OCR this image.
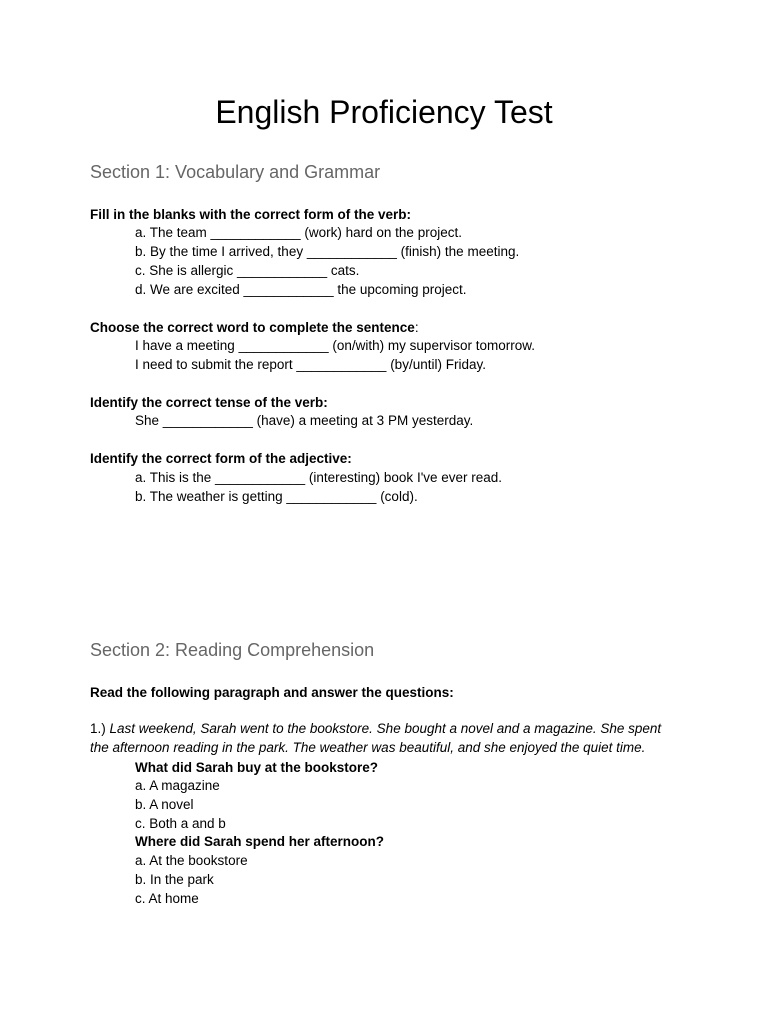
English Proficiency Test
Section 1: Vocabulary and Grammar
Fill in the blanks with the correct form of the verb:
a. The team ____________ (work) hard on the project.
b. By the time I arrived, they ____________ (finish) the meeting.
c. She is allergic ____________ cats.
d. We are excited ____________ the upcoming project.
Choose the correct word to complete the sentence:
I have a meeting ____________ (on/with) my supervisor tomorrow.
I need to submit the report ____________ (by/until) Friday.
Identify the correct tense of the verb:
She ____________ (have) a meeting at 3 PM yesterday.
Identify the correct form of the adjective:
a. This is the ____________ (interesting) book I've ever read.
b. The weather is getting ____________ (cold).
Section 2: Reading Comprehension
Read the following paragraph and answer the questions:
1.) Last weekend, Sarah went to the bookstore. She bought a novel and a magazine. She spent
the afternoon reading in the park. The weather was beautiful, and she enjoyed the quiet time.
What did Sarah buy at the bookstore?
a. A magazine
b. A novel
c. Both a and b
Where did Sarah spend her afternoon?
a. At the bookstore
b. In the park
c. At home
